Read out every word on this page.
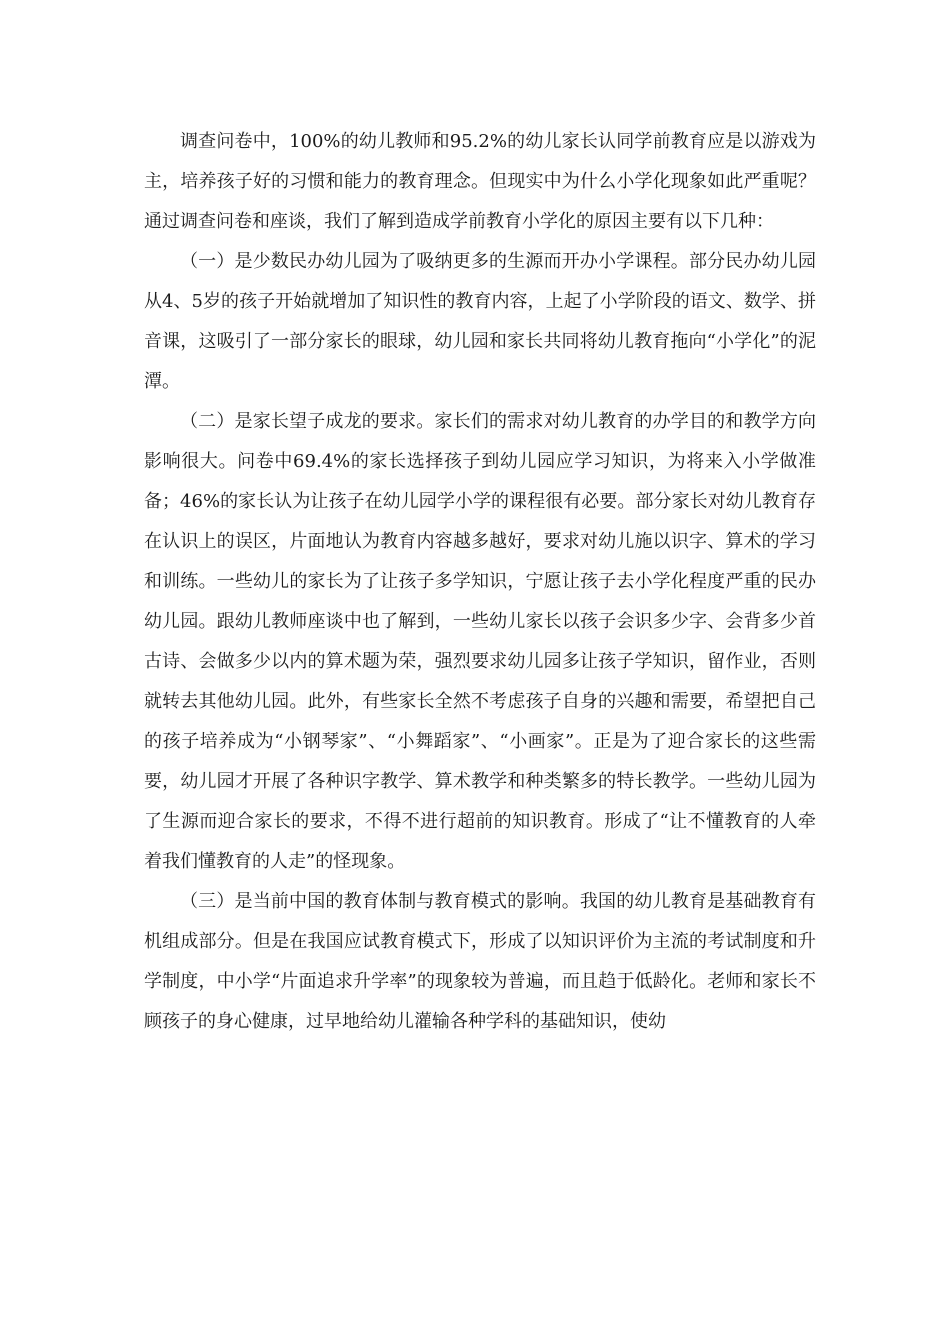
调查问卷中，100%的幼儿教师和95.2%的幼儿家长认同学前教育应是以游戏为主，培养孩子好的习惯和能力的教育理念。但现实中为什么小学化现象如此严重呢？通过调查问卷和座谈，我们了解到造成学前教育小学化的原因主要有以下几种：

（一）是少数民办幼儿园为了吸纳更多的生源而开办小学课程。部分民办幼儿园从4、5岁的孩子开始就增加了知识性的教育内容，上起了小学阶段的语文、数学、拼音课，这吸引了一部分家长的眼球，幼儿园和家长共同将幼儿教育拖向“小学化”的泥潭。

（二）是家长望子成龙的要求。家长们的需求对幼儿教育的办学目的和教学方向影响很大。问卷中69.4%的家长选择孩子到幼儿园应学习知识，为将来入小学做准备；46%的家长认为让孩子在幼儿园学小学的课程很有必要。部分家长对幼儿教育存在认识上的误区，片面地认为教育内容越多越好，要求对幼儿施以识字、算术的学习和训练。一些幼儿的家长为了让孩子多学知识，宁愿让孩子去小学化程度严重的民办幼儿园。跟幼儿教师座谈中也了解到，一些幼儿家长以孩子会识多少字、会背多少首古诗、会做多少以内的算术题为荣，强烈要求幼儿园多让孩子学知识，留作业，否则就转去其他幼儿园。此外，有些家长全然不考虑孩子自身的兴趣和需要，希望把自己的孩子培养成为“小钢琴家”、“小舞蹈家”、“小画家”。正是为了迎合家长的这些需要，幼儿园才开展了各种识字教学、算术教学和种类繁多的特长教学。一些幼儿园为了生源而迎合家长的要求，不得不进行超前的知识教育。形成了“让不懂教育的人牵着我们懂教育的人走”的怪现象。

（三）是当前中国的教育体制与教育模式的影响。我国的幼儿教育是基础教育有机组成部分。但是在我国应试教育模式下，形成了以知识评价为主流的考试制度和升学制度，中小学“片面追求升学率”的现象较为普遍，而且趋于低龄化。老师和家长不顾孩子的身心健康，过早地给幼儿灌输各种学科的基础知识，使幼
